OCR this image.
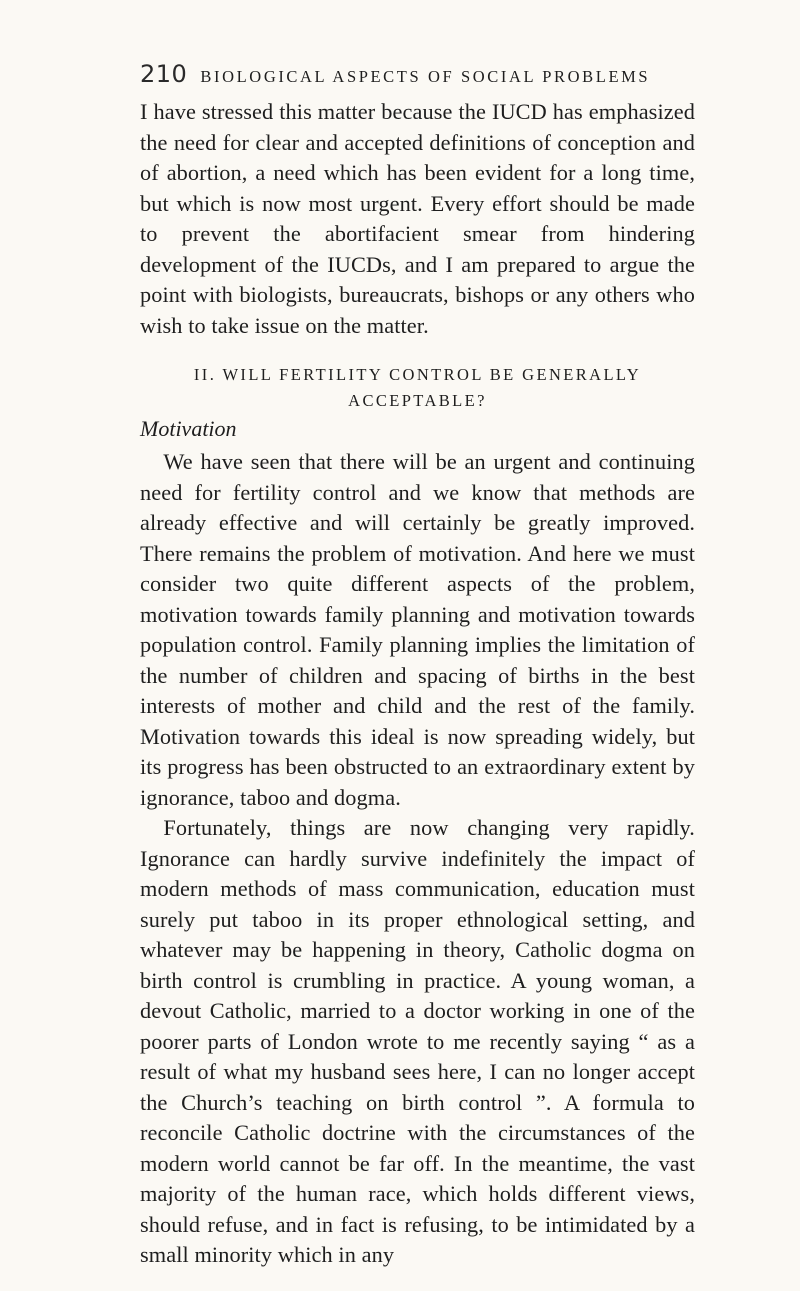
210 BIOLOGICAL ASPECTS OF SOCIAL PROBLEMS

I have stressed this matter because the IUCD has emphasized the need for clear and accepted definitions of conception and of abortion, a need which has been evident for a long time, but which is now most urgent. Every effort should be made to prevent the abortifacient smear from hindering development of the IUCDs, and I am prepared to argue the point with biologists, bureaucrats, bishops or any others who wish to take issue on the matter.

II. WILL FERTILITY CONTROL BE GENERALLY ACCEPTABLE?
Motivation

We have seen that there will be an urgent and continuing need for fertility control and we know that methods are already effective and will certainly be greatly improved. There remains the problem of motivation. And here we must consider two quite different aspects of the problem, motivation towards family planning and motivation towards population control. Family planning implies the limitation of the number of children and spacing of births in the best interests of mother and child and the rest of the family. Motivation towards this ideal is now spreading widely, but its progress has been obstructed to an extraordinary extent by ignorance, taboo and dogma.

Fortunately, things are now changing very rapidly. Ignorance can hardly survive indefinitely the impact of modern methods of mass communication, education must surely put taboo in its proper ethnological setting, and whatever may be happening in theory, Catholic dogma on birth control is crumbling in practice. A young woman, a devout Catholic, married to a doctor working in one of the poorer parts of London wrote to me recently saying “ as a result of what my husband sees here, I can no longer accept the Church’s teaching on birth control ”. A formula to reconcile Catholic doctrine with the circumstances of the modern world cannot be far off. In the meantime, the vast majority of the human race, which holds different views, should refuse, and in fact is refusing, to be intimidated by a small minority which in any
